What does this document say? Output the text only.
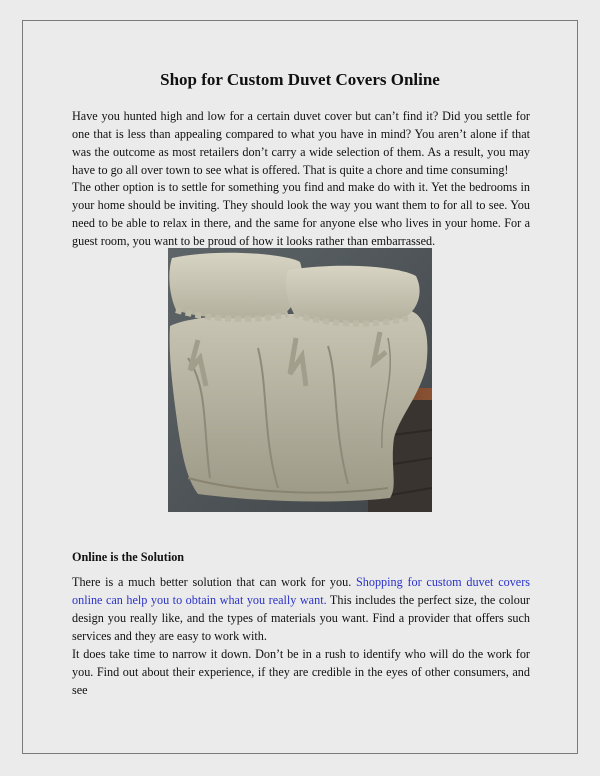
Shop for Custom Duvet Covers Online

Have you hunted high and low for a certain duvet cover but can’t find it? Did you settle for one that is less than appealing compared to what you have in mind? You aren’t alone if that was the outcome as most retailers don’t carry a wide selection of them. As a result, you may have to go all over town to see what is offered. That is quite a chore and time consuming!

The other option is to settle for something you find and make do with it. Yet the bedrooms in your home should be inviting. They should look the way you want them to for all to see. You need to be able to relax in there, and the same for anyone else who lives in your home. For a guest room, you want to be proud of how it looks rather than embarrassed.

Online is the Solution

There is a much better solution that can work for you. Shopping for custom duvet covers online can help you to obtain what you really want. This includes the perfect size, the colour design you really like, and the types of materials you want. Find a provider that offers such services and they are easy to work with.

It does take time to narrow it down. Don’t be in a rush to identify who will do the work for you. Find out about their experience, if they are credible in the eyes of other consumers, and see
